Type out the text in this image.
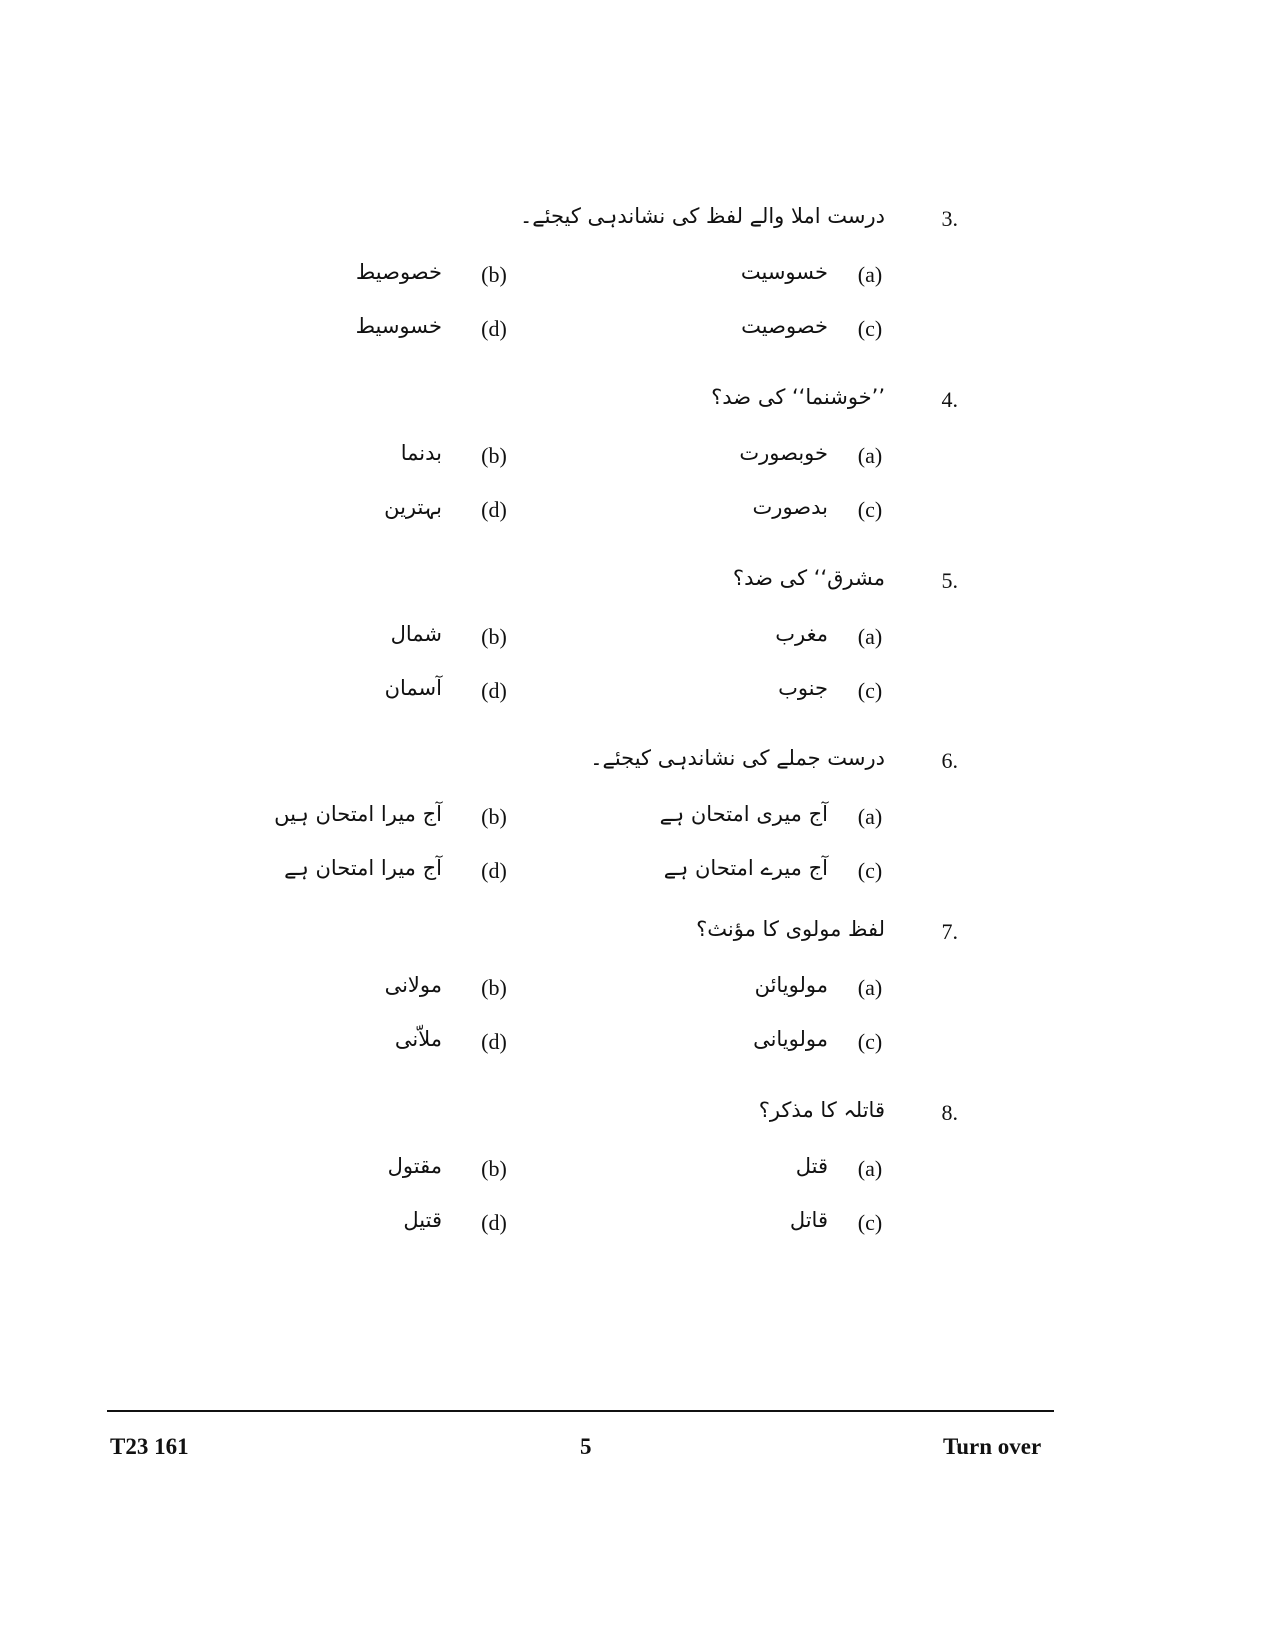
3.
درست املا والے لفظ کی نشاندہی کیجئے۔
(a)
خسوسیت
(b)
خصوصیط
(c)
خصوصیت
(d)
خسوسیط
4.
’’خوشنما‘‘ کی ضد؟
(a)
خوبصورت
(b)
بدنما
(c)
بدصورت
(d)
بہترین
5.
مشرق‘‘ کی ضد؟
(a)
مغرب
(b)
شمال
(c)
جنوب
(d)
آسمان
6.
درست جملے کی نشاندہی کیجئے۔
(a)
آج میری امتحان ہے
(b)
آج میرا امتحان ہیں
(c)
آج میرے امتحان ہے
(d)
آج میرا امتحان ہے
7.
لفظ مولوی کا مؤنث؟
(a)
مولویائن
(b)
مولانی
(c)
مولویانی
(d)
ملاّنی
8.
قاتلہ کا مذکر؟
(a)
قتل
(b)
مقتول
(c)
قاتل
(d)
قتیل
T23 161	5	Turn over
